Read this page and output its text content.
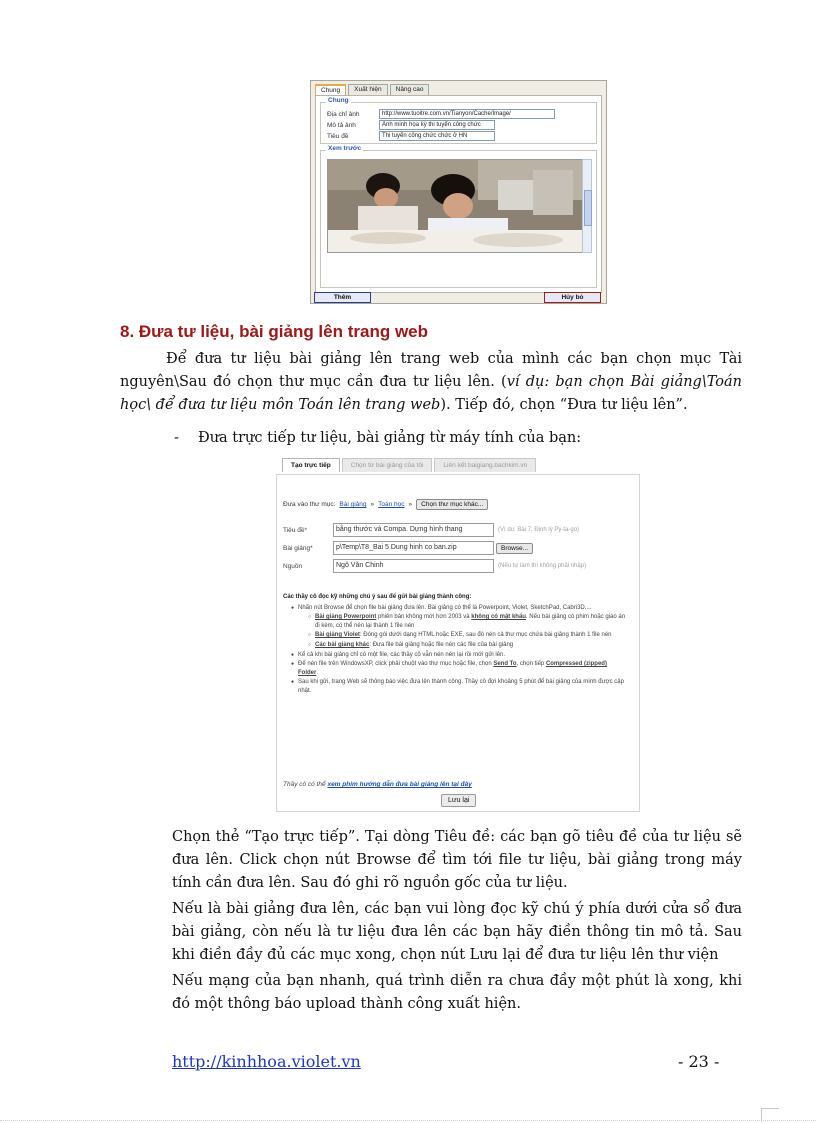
Chung	Xuất hiện	Nâng cao
Chung
Địa chỉ ảnh	http://www.tuoitre.com.vn/Tianyon/Cache/Image/
Mô tả ảnh	Ảnh minh họa kỳ thi tuyển công chức
Tiêu đề	Thi tuyển công chức chức ở HN
Xem trước
Thêm	Hủy bỏ
8. Đưa tư liệu, bài giảng lên trang web

Để đưa tư liệu bài giảng lên trang web của mình các bạn chọn mục Tài nguyên\Sau đó chọn thư mục cần đưa tư liệu lên. (ví dụ: bạn chọn Bài giảng\Toán học\ để đưa tư liệu môn Toán lên trang web). Tiếp đó, chọn “Đưa tư liệu lên”.

- Đưa trực tiếp tư liệu, bài giảng từ máy tính của bạn:
Tạo trực tiếp	Chọn từ bài giảng của tôi	Liên kết baigiang.bachkim.vn
Đưa vào thư mục: Bài giảng » Toán học »	Chọn thư mục khác...
Tiêu đề*	bằng thước và Compa. Dựng hình thang	(Ví dụ: Bài 7. Định lý Py-ta-go)
Bài giảng*	p\Temp\T8_Bai 5 Dung hinh co ban.zip	Browse...
Nguồn	Ngô Văn Chinh	(Nếu tự làm thì không phải nhập)
Các thầy cô đọc kỹ những chú ý sau để gửi bài giảng thành công:
● Nhấn nút Browse để chọn file bài giảng đưa lên. Bài giảng có thể là Powerpoint, Violet, SketchPad, Cabri3D,...
○ Bài giảng Powerpoint phiên bản không mới hơn 2003 và không có mật khẩu. Nếu bài giảng có phim hoặc giáo án đi kèm, có thể nén lại thành 1 file nén
○ Bài giảng Violet: Đóng gói dưới dạng HTML hoặc EXE, sau đó nén cả thư mục chứa bài giảng thành 1 file nén
○ Các bài giảng khác: Đưa file bài giảng hoặc file nén các file của bài giảng
● Kể cả khi bài giảng chỉ có một file, các thầy cô vẫn nén nén lại rồi mới gửi lên.
● Để nén file trên WindowsXP, click phải chuột vào thư mục hoặc file, chọn Send To, chọn tiếp Compressed (zipped) Folder.
● Sau khi gửi, trang Web sẽ thông báo việc đưa lên thành công. Thầy cô đợi khoảng 5 phút để bài giảng của mình được cập nhật.
Thầy cô có thể xem phim hướng dẫn đưa bài giảng lên tại đây
Lưu lại

Chọn thẻ “Tạo trực tiếp”. Tại dòng Tiêu đề: các bạn gõ tiêu đề của tư liệu sẽ đưa lên. Click chọn nút Browse để tìm tới file tư liệu, bài giảng trong máy tính cần đưa lên. Sau đó ghi rõ nguồn gốc của tư liệu.

Nếu là bài giảng đưa lên, các bạn vui lòng đọc kỹ chú ý phía dưới cửa sổ đưa bài giảng, còn nếu là tư liệu đưa lên các bạn hãy điền thông tin mô tả. Sau khi điền đầy đủ các mục xong, chọn nút Lưu lại để đưa tư liệu lên thư viện

Nếu mạng của bạn nhanh, quá trình diễn ra chưa đầy một phút là xong, khi đó một thông báo upload thành công xuất hiện.

http://kinhhoa.violet.vn	- 23 -
